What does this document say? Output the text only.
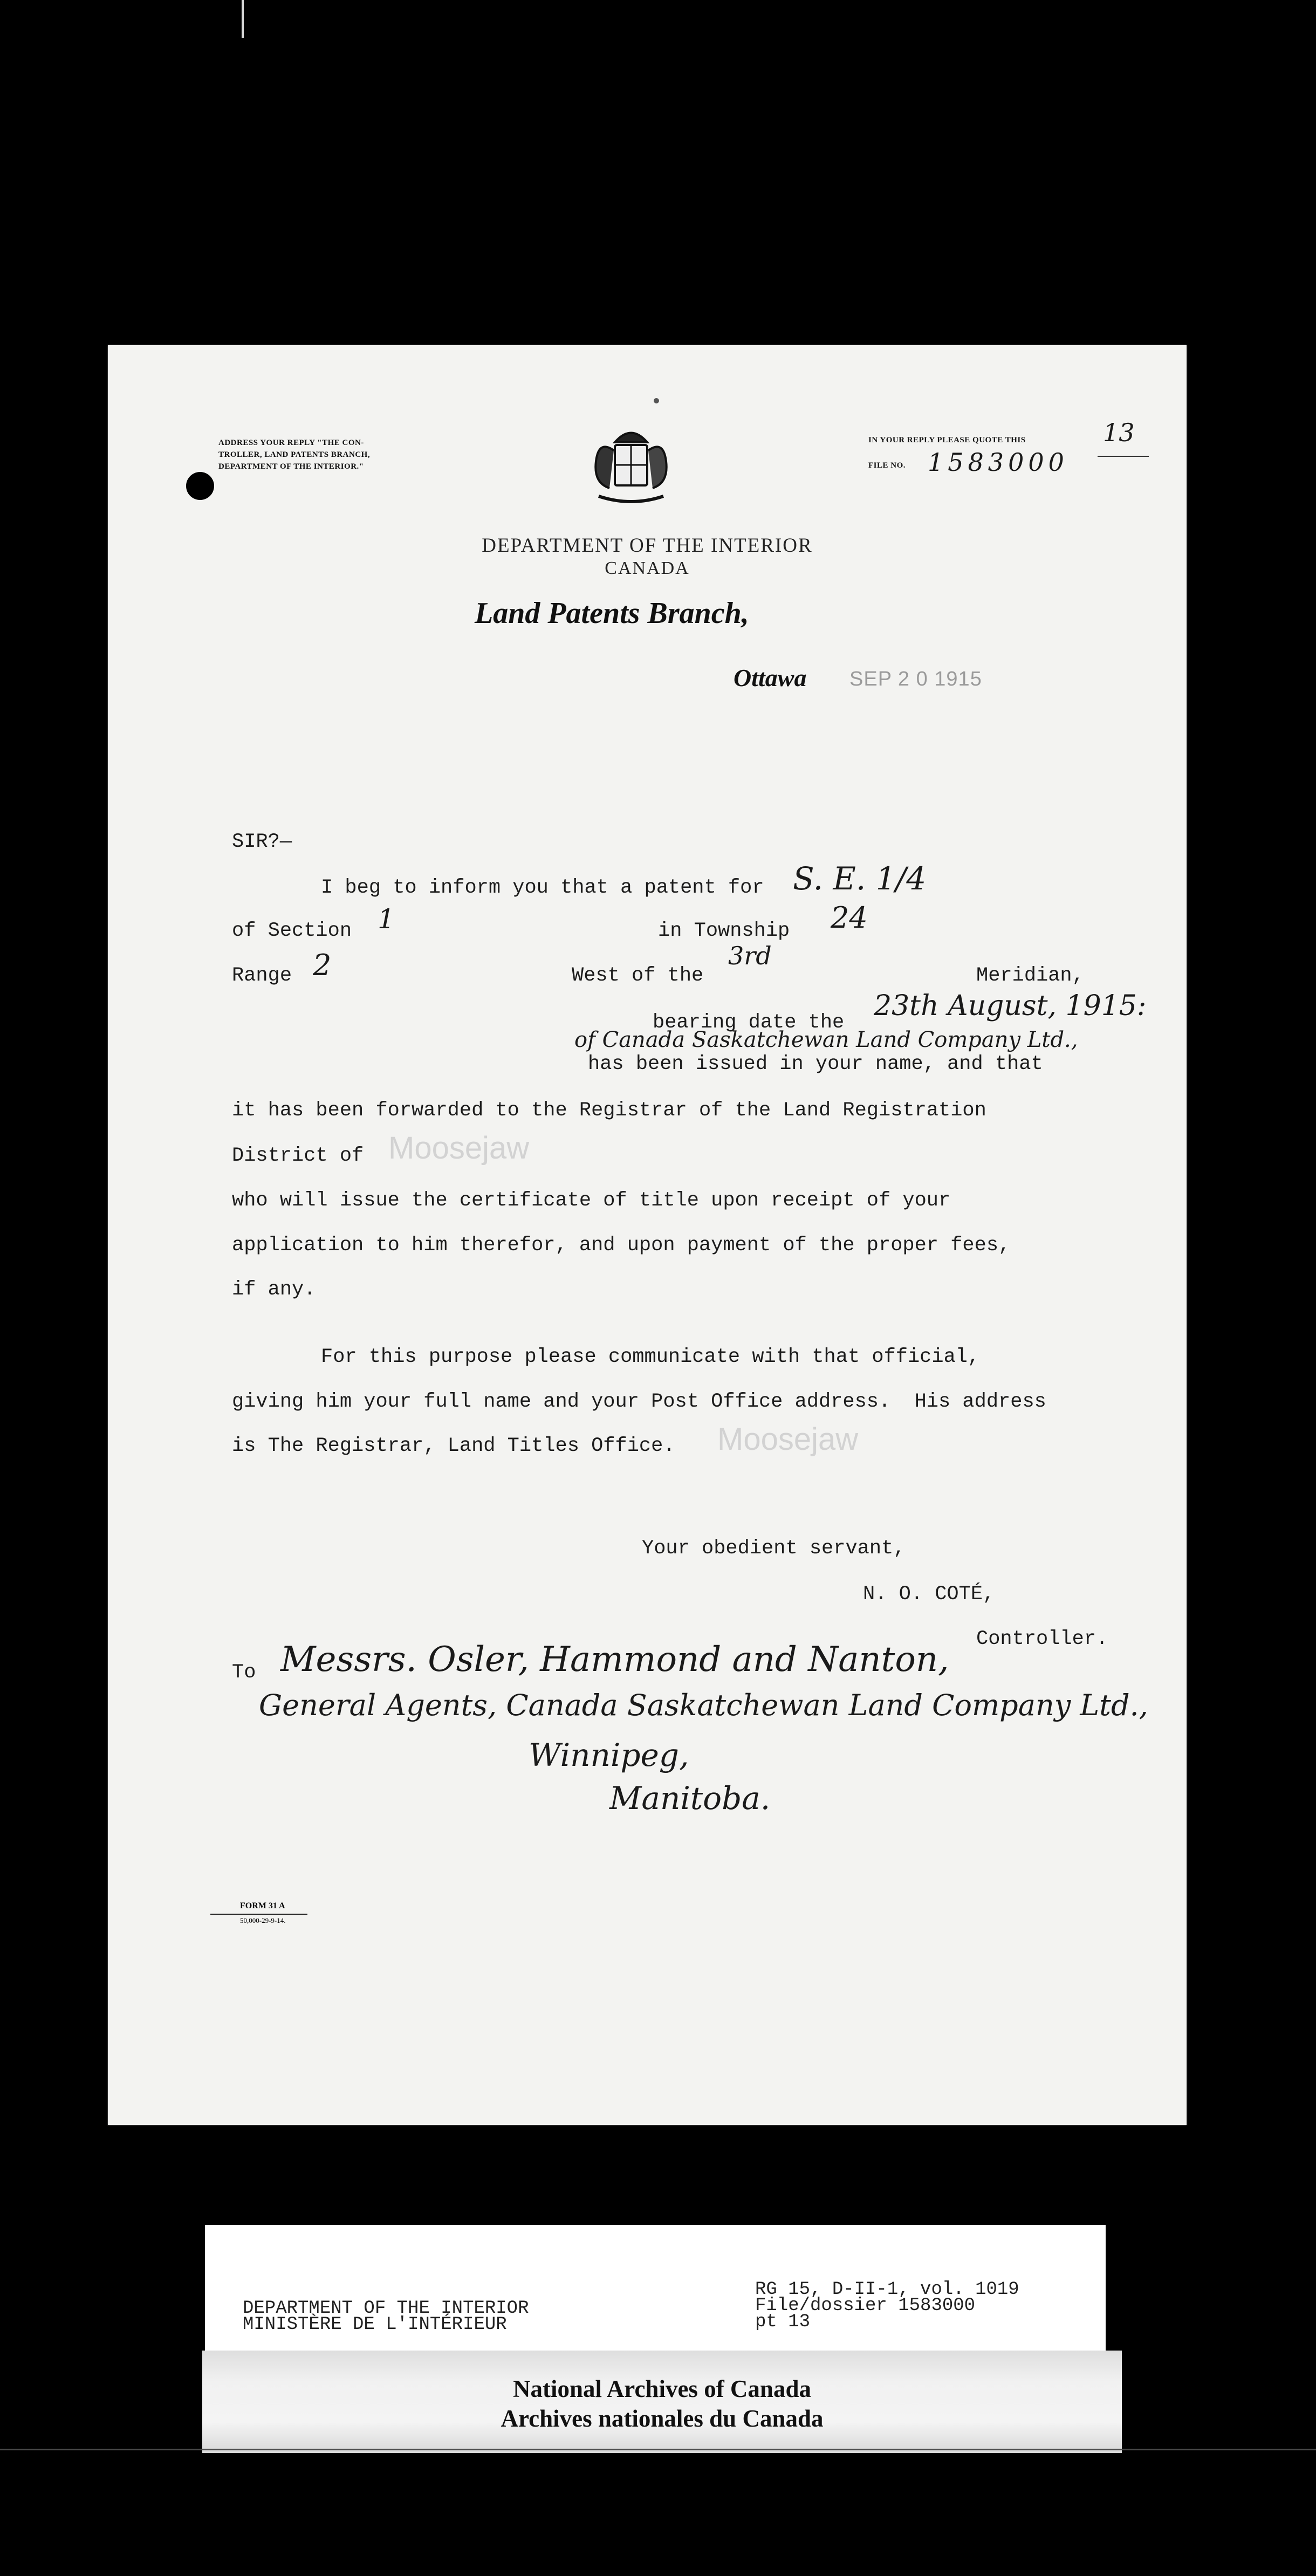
ADDRESS YOUR REPLY "THE CON-
TROLLER, LAND PATENTS BRANCH,
DEPARTMENT OF THE INTERIOR."
IN YOUR REPLY PLEASE QUOTE THIS	13
FILE NO. 1583000
DEPARTMENT OF THE INTERIOR
CANADA
Land Patents Branch,
Ottawa SEP 2 0 1915
SIR?—
I beg to inform you that a patent for S. E. 1/4
of Section 1	in Township 24
Range 2	West of the
3rd
Meridian,
bearing date the
23th August, 1915:
of Canada Saskatchewan Land Company Ltd.,
has been issued in your name, and that
it has been forwarded to the Registrar of the Land Registration
District of Moosejaw
who will issue the certificate of title upon receipt of your
application to him therefor, and upon payment of the proper fees,
if any.
For this purpose please communicate with that official,
giving him your full name and your Post Office address.  His address
is The Registrar, Land Titles Office. Moosejaw
Your obedient servant,
N. O. COTÉ,
Controller.
To Messrs. Osler, Hammond and Nanton,
General Agents, Canada Saskatchewan Land Company Ltd.,
Winnipeg,
Manitoba.
FORM 31 A
50,000-29-9-14.
DEPARTMENT OF THE INTERIOR
MINISTÈRE DE L'INTÉRIEUR
RG 15, D-II-1, vol. 1019
File/dossier 1583000
pt 13
National Archives of Canada
Archives nationales du Canada
